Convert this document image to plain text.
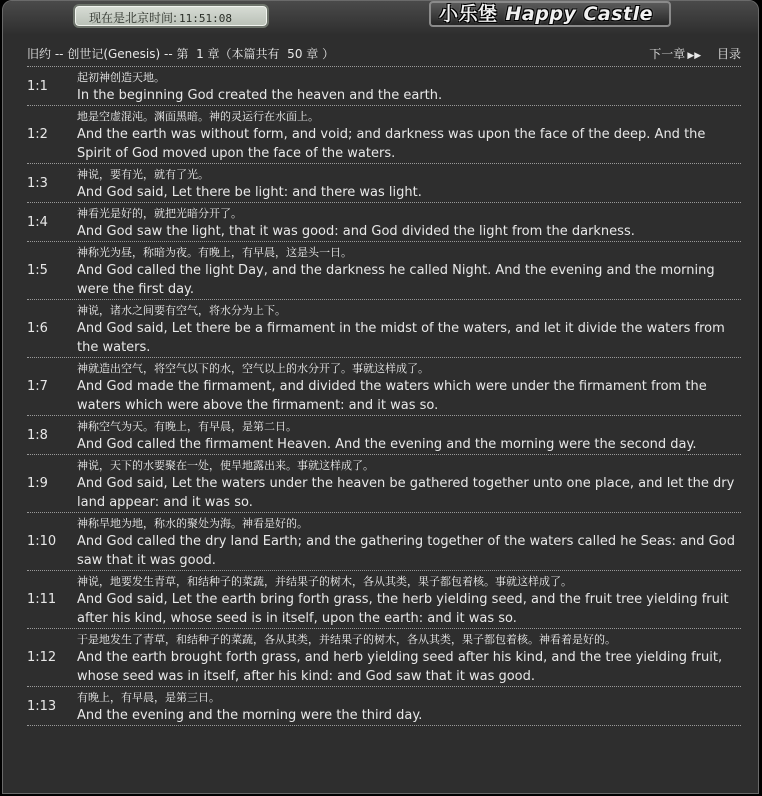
现在是北京时间: 11:51:08	小乐堡 Happy Castle
旧约 -- 创世记(Genesis) -- 第  1 章（本篇共有  50 章 ）	下一章 ▶▶ 目录
1:1
起初神创造天地。
In the beginning God created the heaven and the earth.
1:2
地是空虚混沌。渊面黑暗。神的灵运行在水面上。
And the earth was without form, and void; and darkness was upon the face of the deep. And the Spirit of God moved upon the face of the waters.
1:3
神说，要有光，就有了光。
And God said, Let there be light: and there was light.
1:4
神看光是好的，就把光暗分开了。
And God saw the light, that it was good: and God divided the light from the darkness.
1:5
神称光为昼，称暗为夜。有晚上，有早晨，这是头一日。
And God called the light Day, and the darkness he called Night. And the evening and the morning were the first day.
1:6
神说，诸水之间要有空气，将水分为上下。
And God said, Let there be a firmament in the midst of the waters, and let it divide the waters from the waters.
1:7
神就造出空气，将空气以下的水，空气以上的水分开了。事就这样成了。
And God made the firmament, and divided the waters which were under the firmament from the waters which were above the firmament: and it was so.
1:8
神称空气为天。有晚上，有早晨，是第二日。
And God called the firmament Heaven. And the evening and the morning were the second day.
1:9
神说，天下的水要聚在一处，使旱地露出来。事就这样成了。
And God said, Let the waters under the heaven be gathered together unto one place, and let the dry land appear: and it was so.
1:10
神称旱地为地，称水的聚处为海。神看是好的。
And God called the dry land Earth; and the gathering together of the waters called he Seas: and God saw that it was good.
1:11
神说，地要发生青草，和结种子的菜蔬，并结果子的树木，各从其类，果子都包着核。事就这样成了。
And God said, Let the earth bring forth grass, the herb yielding seed, and the fruit tree yielding fruit after his kind, whose seed is in itself, upon the earth: and it was so.
1:12
于是地发生了青草，和结种子的菜蔬，各从其类，并结果子的树木，各从其类，果子都包着核。神看着是好的。
And the earth brought forth grass, and herb yielding seed after his kind, and the tree yielding fruit, whose seed was in itself, after his kind: and God saw that it was good.
1:13
有晚上，有早晨，是第三日。
And the evening and the morning were the third day.
